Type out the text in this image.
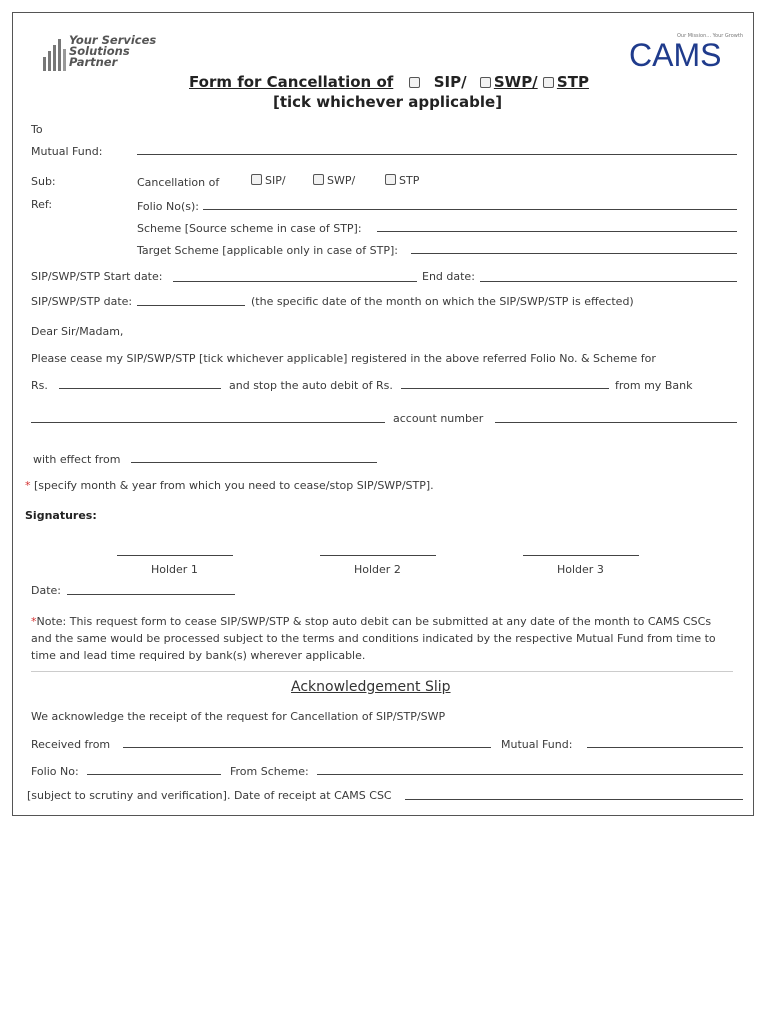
Your Services
Solutions
Partner
Our Mission... Your Growth
CAMS
Form for Cancellation of	SIP/ SWP/ STP
[tick whichever applicable]
To
Mutual Fund:
Sub:	Cancellation of	SIP/	SWP/	STP
Ref:	Folio No(s):
Scheme [Source scheme in case of STP]:
Target Scheme [applicable only in case of STP]:
SIP/SWP/STP Start date:	End date:
SIP/SWP/STP date:	(the specific date of the month on which the SIP/SWP/STP is effected)
Dear Sir/Madam,
Please cease my SIP/SWP/STP [tick whichever applicable] registered in the above referred Folio No. & Scheme for
Rs.	and stop the auto debit of Rs.	from my Bank
account number
with effect from
* [specify month & year from which you need to cease/stop SIP/SWP/STP].
Signatures:
Holder 1	Holder 2	Holder 3
Date:
*Note: This request form to cease SIP/SWP/STP & stop auto debit can be submitted at any date of the month to CAMS CSCs
and the same would be processed subject to the terms and conditions indicated by the respective Mutual Fund from time to
time and lead time required by bank(s) wherever applicable.
Acknowledgement Slip
We acknowledge the receipt of the request for Cancellation of SIP/STP/SWP
Received from	Mutual Fund:
Folio No:	From Scheme:
[subject to scrutiny and verification]. Date of receipt at CAMS CSC
